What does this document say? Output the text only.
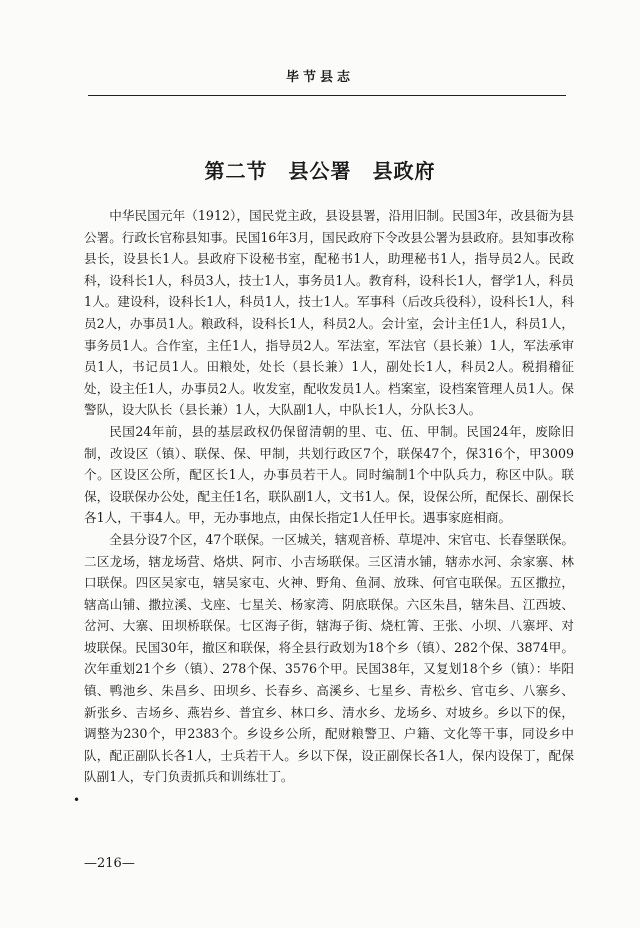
毕节县志
第二节　县公署　县政府

中华民国元年（1912），国民党主政，县设县署，沿用旧制。民国3年，改县衙为县公署。行政长官称县知事。民国16年3月，国民政府下令改县公署为县政府。县知事改称县长，设县长1人。县政府下设秘书室，配秘书1人，助理秘书1人，指导员2人。民政科，设科长1人，科员3人，技士1人，事务员1人。教育科，设科长1人，督学1人，科员1人。建设科，设科长1人，科员1人，技士1人。军事科（后改兵役科），设科长1人，科员2人，办事员1人。粮政科，设科长1人，科员2人。会计室，会计主任1人，科员1人，事务员1人。合作室，主任1人，指导员2人。军法室，军法官（县长兼）1人，军法承审员1人，书记员1人。田粮处，处长（县长兼）1人，副处长1人，科员2人。税捐稽征处，设主任1人，办事员2人。收发室，配收发员1人。档案室，设档案管理人员1人。保警队，设大队长（县长兼）1人，大队副1人，中队长1人，分队长3人。

民国24年前，县的基层政权仍保留清朝的里、屯、伍、甲制。民国24年，废除旧制，改设区（镇）、联保、保、甲制，共划行政区7个，联保47个，保316个，甲3009个。区设区公所，配区长1人，办事员若干人。同时编制1个中队兵力，称区中队。联保，设联保办公处，配主任1名，联队副1人，文书1人。保，设保公所，配保长、副保长各1人，干事4人。甲，无办事地点，由保长指定1人任甲长。遇事家庭相商。

全县分设7个区，47个联保。一区城关，辖观音桥、草堤冲、宋官屯、长春堡联保。二区龙场，辖龙场营、烙烘、阿市、小吉场联保。三区清水铺，辖赤水河、余家寨、林口联保。四区吴家屯，辖吴家屯、火神、野角、鱼洞、放珠、何官屯联保。五区撒拉，辖高山铺、撒拉溪、戈座、七星关、杨家湾、阴底联保。六区朱昌，辖朱昌、江西坡、岔河、大寨、田坝桥联保。七区海子街，辖海子街、烧杠箐、王张、小坝、八寨坪、对坡联保。民国30年，撤区和联保，将全县行政划为18个乡（镇）、282个保、3874甲。次年重划21个乡（镇）、278个保、3576个甲。民国38年，又复划18个乡（镇）：毕阳镇、鸭池乡、朱昌乡、田坝乡、长春乡、高溪乡、七星乡、青松乡、官屯乡、八寨乡、新张乡、吉场乡、燕岩乡、普宜乡、林口乡、清水乡、龙场乡、对坡乡。乡以下的保，调整为230个，甲2383个。乡设乡公所，配财粮警卫、户籍、文化等干事，同设乡中队，配正副队长各1人，士兵若干人。乡以下保，设正副保长各1人，保内设保丁，配保队副1人，专门负责抓兵和训练壮丁。

•
—216—
